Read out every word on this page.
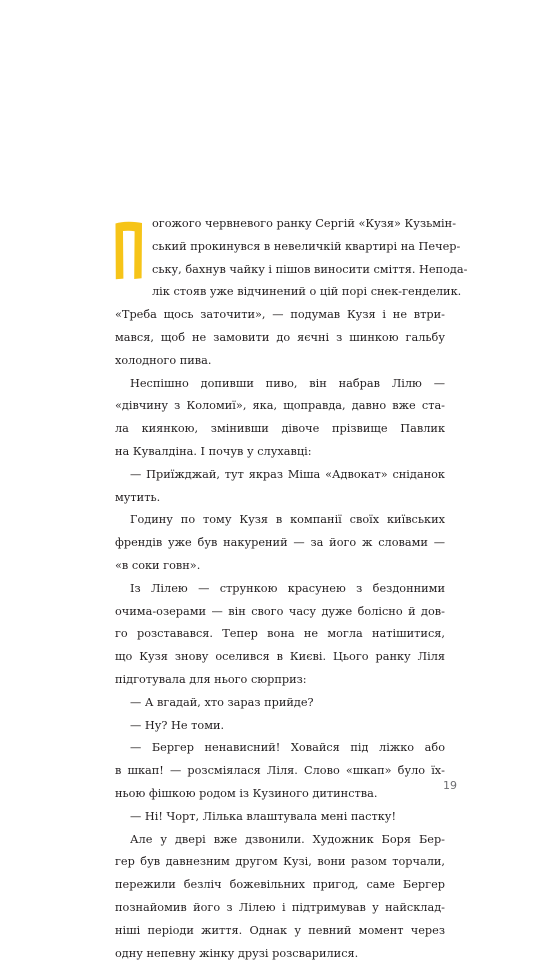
огожого червневого ранку Сергій «Кузя» Кузьмін-
ський прокинувся в невеличкій квартирі на Печер-
ську, бахнув чайку і пішов виносити сміття. Непода-
лік стояв уже відчинений о цій порі снек-генделик.
«Треба щось заточити», — подумав Кузя і не втри-
мався, щоб не замовити до яєчні з шинкою гальбу
холодного пива.
Неспішно допивши пиво, він набрав Лілю —
«дівчину з Коломиї», яка, щоправда, давно вже ста-
ла киянкою, змінивши дівоче прізвище Павлик
на Кувалдіна. І почув у слухавці:
— Приїжджай, тут якраз Міша «Адвокат» сніданок
мутить.
Годину по тому Кузя в компанії своїх київських
френдів уже був накурений — за його ж словами —
«в соки говн».
Із Лілею — стрункою красунею з бездонними
очима-озерами — він свого часу дуже болісно й дов-
го розставався. Тепер вона не могла натішитися,
що Кузя знову оселився в Києві. Цього ранку Ліля
підготувала для нього сюрприз:
— А вгадай, хто зараз прийде?
— Ну? Не томи.
— Бергер ненависний! Ховайся під ліжко або
в шкап! — розсміялася Ліля. Слово «шкап» було їх-
ньою фішкою родом із Кузиного дитинства.
— Ні! Чорт, Лілька влаштувала мені пастку!
Але у двері вже дзвонили. Художник Боря Бер-
гер був давнезним другом Кузі, вони разом торчали,
пережили безліч божевільних пригод, саме Бергер
познайомив його з Лілею і підтримував у найсклад-
ніші періоди життя. Однак у певний момент через
одну непевну жінку друзі розсварилися.
19
